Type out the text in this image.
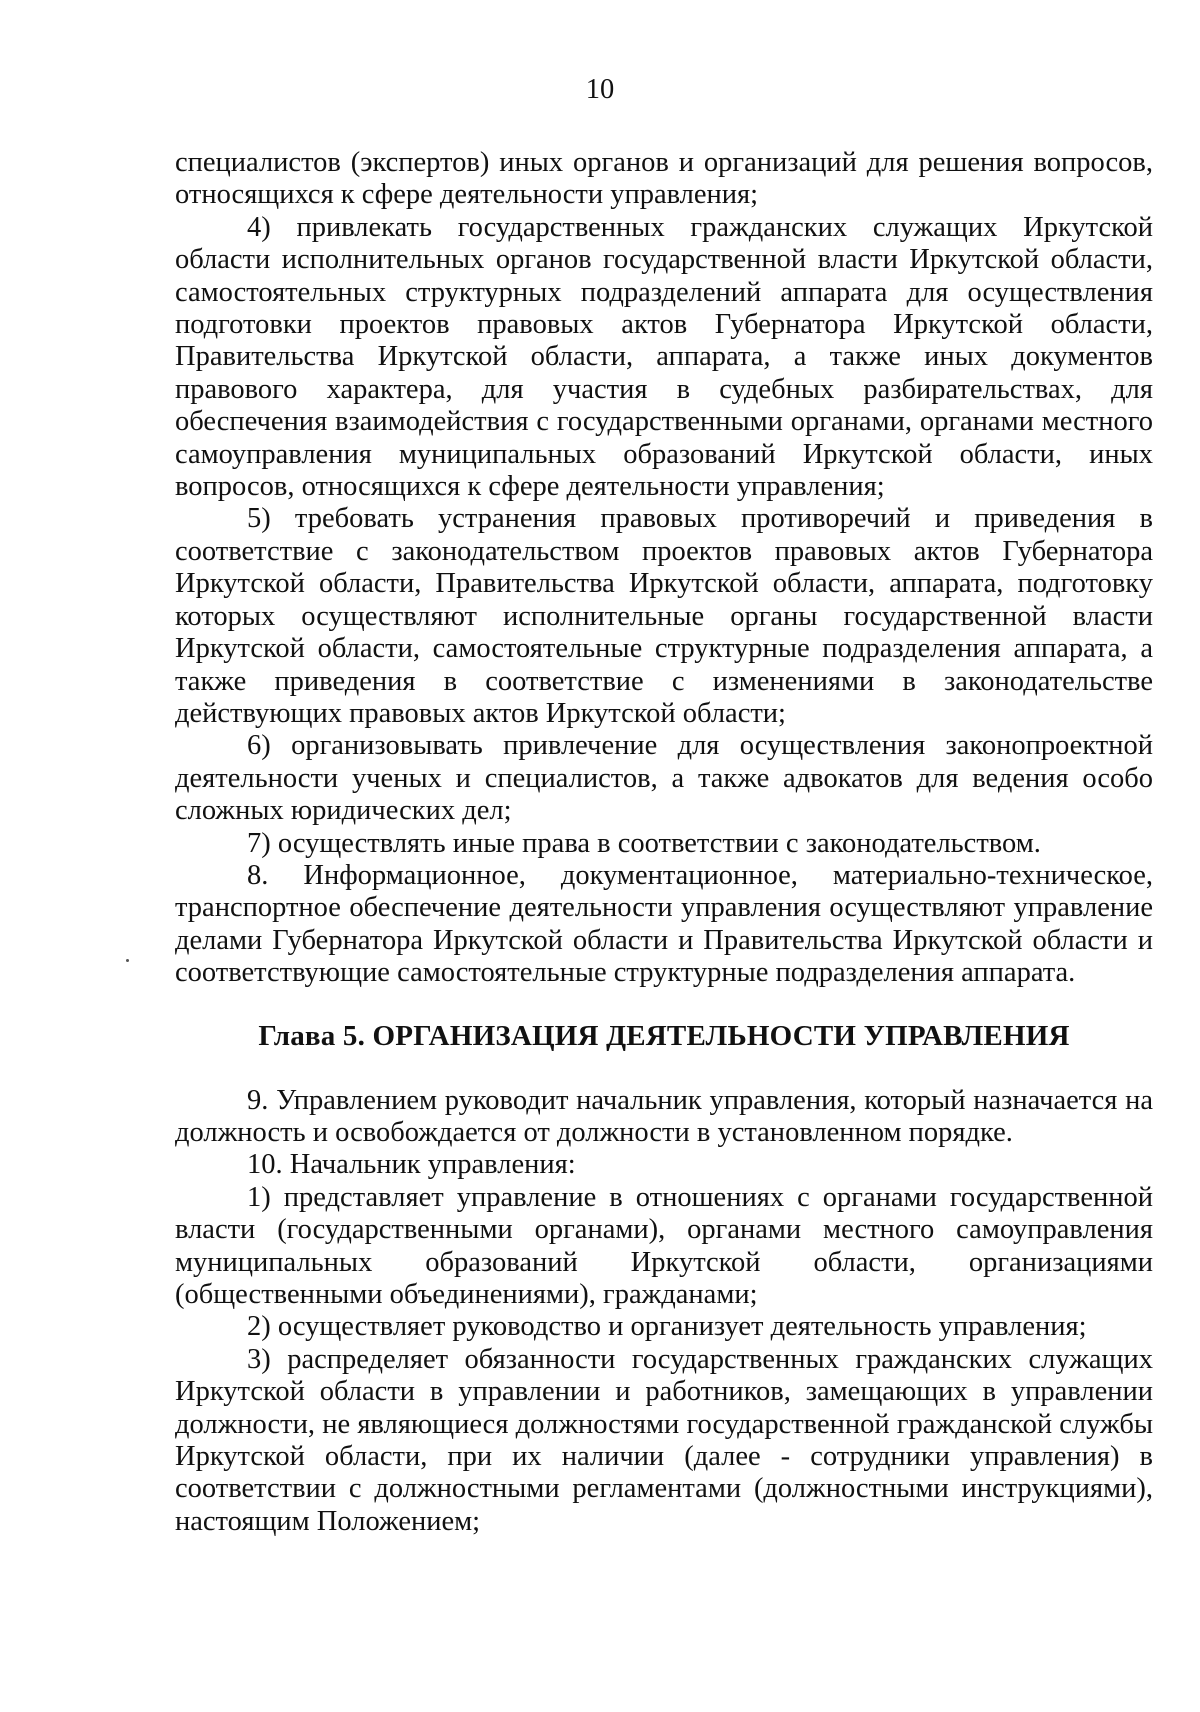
10

специалистов (экспертов) иных органов и организаций для решения вопросов, относящихся к сфере деятельности управления;

4) привлекать государственных гражданских служащих Иркутской области исполнительных органов государственной власти Иркутской области, самостоятельных структурных подразделений аппарата для осуществления подготовки проектов правовых актов Губернатора Иркутской области, Правительства Иркутской области, аппарата, а также иных документов правового характера, для участия в судебных разбирательствах, для обеспечения взаимодействия с государственными органами, органами местного самоуправления муниципальных образований Иркутской области, иных вопросов, относящихся к сфере деятельности управления;

5) требовать устранения правовых противоречий и приведения в соответствие с законодательством проектов правовых актов Губернатора Иркутской области, Правительства Иркутской области, аппарата, подготовку которых осуществляют исполнительные органы государственной власти Иркутской области, самостоятельные структурные подразделения аппарата, а также приведения в соответствие с изменениями в законодательстве действующих правовых актов Иркутской области;

6) организовывать привлечение для осуществления законопроектной деятельности ученых и специалистов, а также адвокатов для ведения особо сложных юридических дел;

7) осуществлять иные права в соответствии с законодательством.

8. Информационное, документационное, материально-техническое, транспортное обеспечение деятельности управления осуществляют управление делами Губернатора Иркутской области и Правительства Иркутской области и соответствующие самостоятельные структурные подразделения аппарата.

Глава 5. ОРГАНИЗАЦИЯ ДЕЯТЕЛЬНОСТИ УПРАВЛЕНИЯ

9. Управлением руководит начальник управления, который назначается на должность и освобождается от должности в установленном порядке.

10. Начальник управления:

1) представляет управление в отношениях с органами государственной власти (государственными органами), органами местного самоуправления муниципальных образований Иркутской области, организациями (общественными объединениями), гражданами;

2) осуществляет руководство и организует деятельность управления;

3) распределяет обязанности государственных гражданских служащих Иркутской области в управлении и работников, замещающих в управлении должности, не являющиеся должностями государственной гражданской службы Иркутской области, при их наличии (далее - сотрудники управления) в соответствии с должностными регламентами (должностными инструкциями), настоящим Положением;
